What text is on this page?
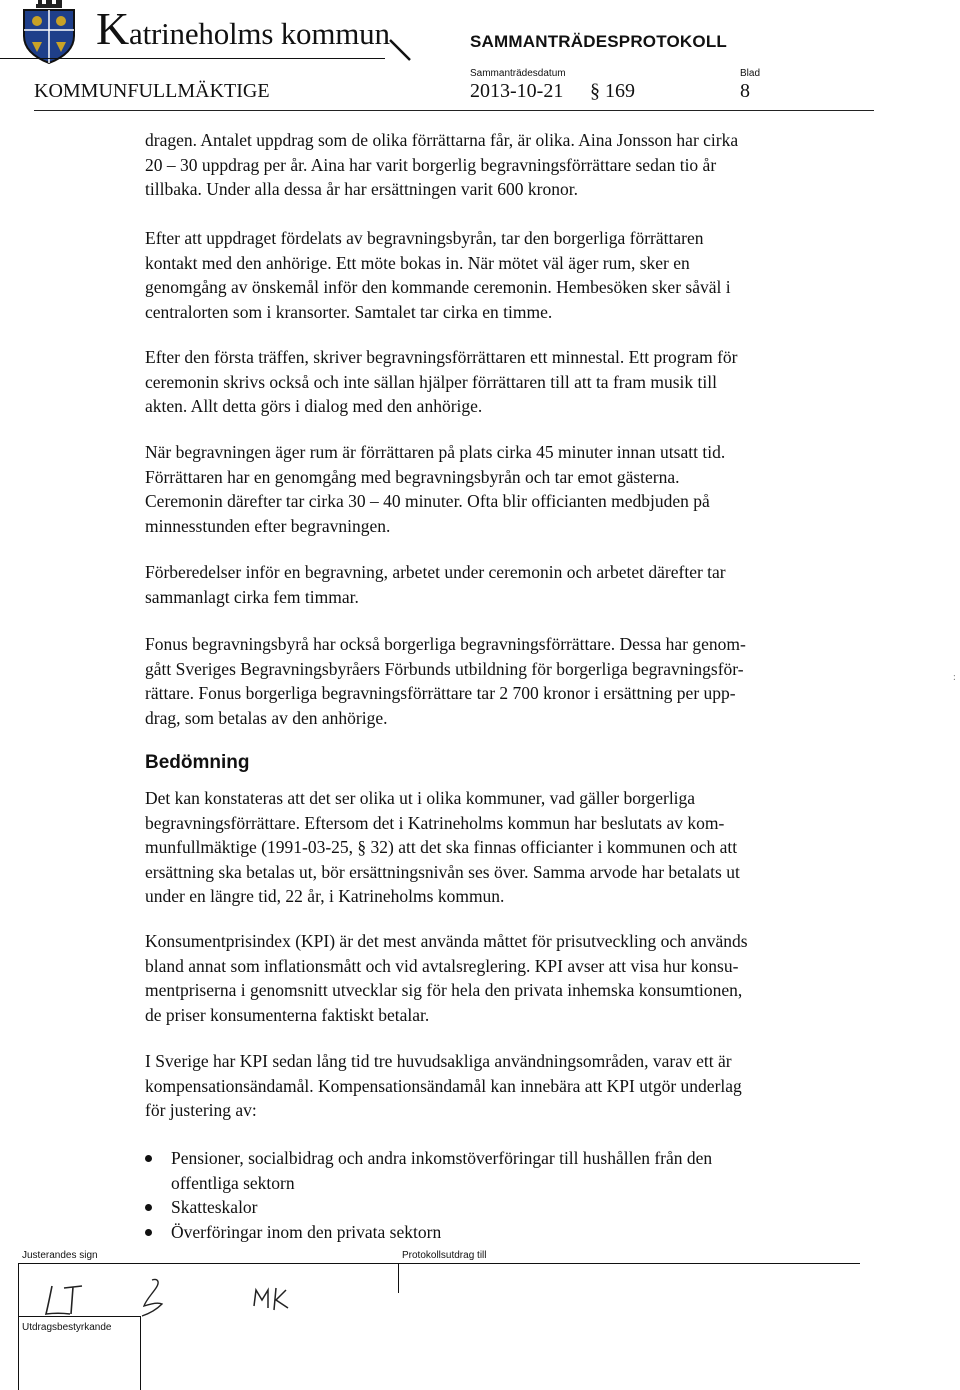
Katrineholms kommun	SAMMANTRÄDESPROTOKOLL
Sammanträdesdatum	Blad
KOMMUNFULLMÄKTIGE	2013-10-21 § 169	8

dragen. Antalet uppdrag som de olika förrättarna får, är olika. Aina Jonsson har cirka
20 – 30 uppdrag per år. Aina har varit borgerlig begravningsförrättare sedan tio år
tillbaka. Under alla dessa år har ersättningen varit 600 kronor.

Efter att uppdraget fördelats av begravningsbyrån, tar den borgerliga förrättaren
kontakt med den anhörige. Ett möte bokas in. När mötet väl äger rum, sker en
genomgång av önskemål inför den kommande ceremonin. Hembesöken sker såväl i
centralorten som i kransorter. Samtalet tar cirka en timme.

Efter den första träffen, skriver begravningsförrättaren ett minnestal. Ett program för
ceremonin skrivs också och inte sällan hjälper förrättaren till att ta fram musik till
akten. Allt detta görs i dialog med den anhörige.

När begravningen äger rum är förrättaren på plats cirka 45 minuter innan utsatt tid.
Förrättaren har en genomgång med begravningsbyrån och tar emot gästerna.
Ceremonin därefter tar cirka 30 – 40 minuter. Ofta blir officianten medbjuden på
minnesstunden efter begravningen.

Förberedelser inför en begravning, arbetet under ceremonin och arbetet därefter tar
sammanlagt cirka fem timmar.

Fonus begravningsbyrå har också borgerliga begravningsförrättare. Dessa har genom-
gått Sveriges Begravningsbyråers Förbunds utbildning för borgerliga begravningsför-
rättare. Fonus borgerliga begravningsförrättare tar 2 700 kronor i ersättning per upp-
drag, som betalas av den anhörige.

Bedömning

Det kan konstateras att det ser olika ut i olika kommuner, vad gäller borgerliga
begravningsförrättare. Eftersom det i Katrineholms kommun har beslutats av kom-
munfullmäktige (1991-03-25, § 32) att det ska finnas officianter i kommunen och att
ersättning ska betalas ut, bör ersättningsnivån ses över. Samma arvode har betalats ut
under en längre tid, 22 år, i Katrineholms kommun.

Konsumentprisindex (KPI) är det mest använda måttet för prisutveckling och används
bland annat som inflationsmått och vid avtalsreglering. KPI avser att visa hur konsu-
mentpriserna i genomsnitt utvecklar sig för hela den privata inhemska konsumtionen,
de priser konsumenterna faktiskt betalar.

I Sverige har KPI sedan lång tid tre huvudsakliga användningsområden, varav ett är
kompensationsändamål. Kompensationsändamål kan innebära att KPI utgör underlag
för justering av:

Pensioner, socialbidrag och andra inkomstöverföringar till hushållen från den
offentliga sektorn
Skatteskalor
Överföringar inom den privata sektorn
:
Justerandes sign	Protokollsutdrag till
Utdragsbestyrkande
